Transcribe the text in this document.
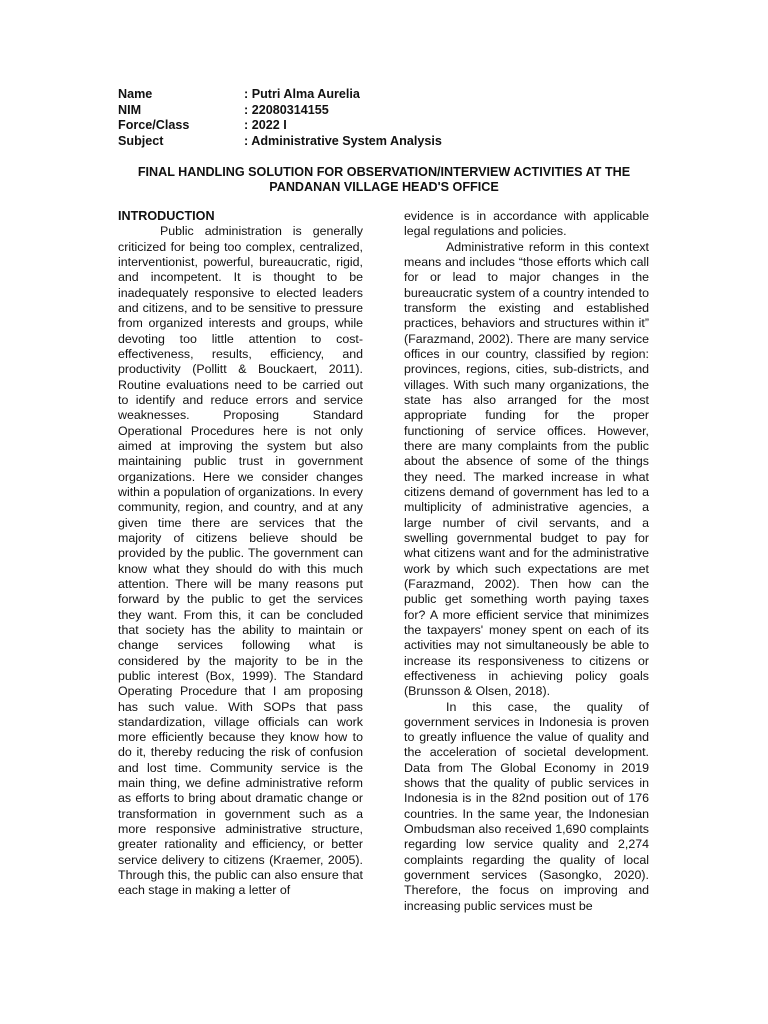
Name	: Putri Alma Aurelia
NIM	: 22080314155
Force/Class	: 2022 I
Subject	: Administrative System Analysis
FINAL HANDLING SOLUTION FOR OBSERVATION/INTERVIEW ACTIVITIES AT THE PANDANAN VILLAGE HEAD'S OFFICE

INTRODUCTION

Public administration is generally criticized for being too complex, centralized, interventionist, powerful, bureaucratic, rigid, and incompetent. It is thought to be inadequately responsive to elected leaders and citizens, and to be sensitive to pressure from organized interests and groups, while devoting too little attention to cost-effectiveness, results, efficiency, and productivity (Pollitt & Bouckaert, 2011). Routine evaluations need to be carried out to identify and reduce errors and service weaknesses. Proposing Standard Operational Procedures here is not only aimed at improving the system but also maintaining public trust in government organizations. Here we consider changes within a population of organizations. In every community, region, and country, and at any given time there are services that the majority of citizens believe should be provided by the public. The government can know what they should do with this much attention. There will be many reasons put forward by the public to get the services they want. From this, it can be concluded that society has the ability to maintain or change services following what is considered by the majority to be in the public interest (Box, 1999). The Standard Operating Procedure that I am proposing has such value. With SOPs that pass standardization, village officials can work more efficiently because they know how to do it, thereby reducing the risk of confusion and lost time. Community service is the main thing, we define administrative reform as efforts to bring about dramatic change or transformation in government such as a more responsive administrative structure, greater rationality and efficiency, or better service delivery to citizens (Kraemer, 2005). Through this, the public can also ensure that each stage in making a letter of

evidence is in accordance with applicable legal regulations and policies.

Administrative reform in this context means and includes “those efforts which call for or lead to major changes in the bureaucratic system of a country intended to transform the existing and established practices, behaviors and structures within it” (Farazmand, 2002). There are many service offices in our country, classified by region: provinces, regions, cities, sub-districts, and villages. With such many organizations, the state has also arranged for the most appropriate funding for the proper functioning of service offices. However, there are many complaints from the public about the absence of some of the things they need. The marked increase in what citizens demand of government has led to a multiplicity of administrative agencies, a large number of civil servants, and a swelling governmental budget to pay for what citizens want and for the administrative work by which such expectations are met (Farazmand, 2002). Then how can the public get something worth paying taxes for? A more efficient service that minimizes the taxpayers' money spent on each of its activities may not simultaneously be able to increase its responsiveness to citizens or effectiveness in achieving policy goals (Brunsson & Olsen, 2018).

In this case, the quality of government services in Indonesia is proven to greatly influence the value of quality and the acceleration of societal development. Data from The Global Economy in 2019 shows that the quality of public services in Indonesia is in the 82nd position out of 176 countries. In the same year, the Indonesian Ombudsman also received 1,690 complaints regarding low service quality and 2,274 complaints regarding the quality of local government services (Sasongko, 2020). Therefore, the focus on improving and increasing public services must be
